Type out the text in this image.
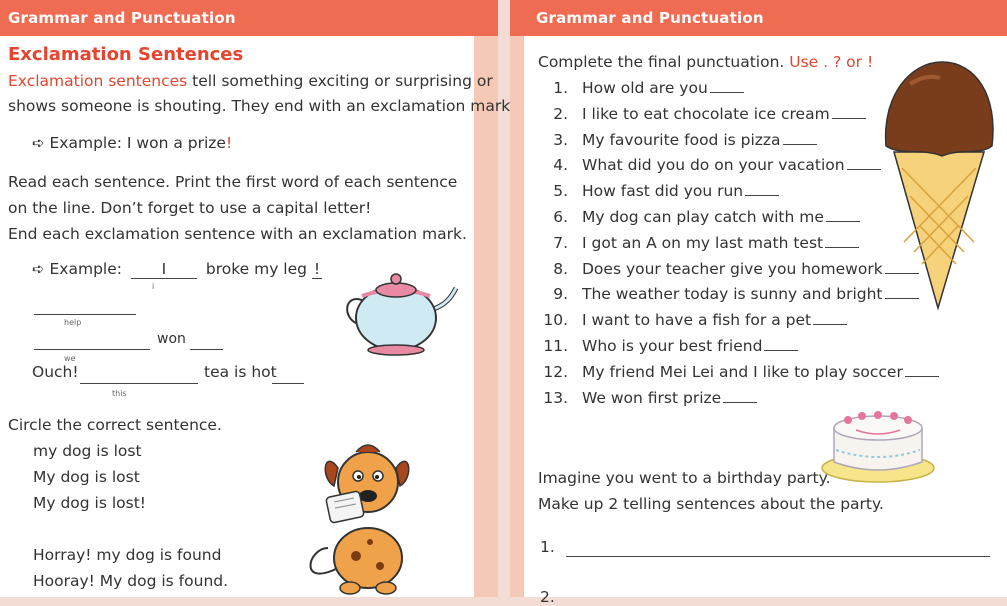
Grammar and Punctuation
Exclamation Sentences
Exclamation sentences tell something exciting or surprising or
shows someone is shouting. They end with an exclamation mark
➪ Example: I won a prize!
Read each sentence. Print the first word of each sentence
on the line. Don’t forget to use a capital letter!
End each exclamation sentence with an exclamation mark.
➪ Example:	I	broke my leg !
i
help
won
we
Ouch!	tea is hot
this
Circle the correct sentence.
my dog is lost
My dog is lost
My dog is lost!
Horray! my dog is found
Hooray! My dog is found.
Grammar and Punctuation
Complete the final punctuation. Use . ? or !
1. How old are you
2. I like to eat chocolate ice cream
3. My favourite food is pizza
4. What did you do on your vacation
5. How fast did you run
6. My dog can play catch with me
7. I got an A on my last math test
8. Does your teacher give you homework
9. The weather today is sunny and bright
10. I want to have a fish for a pet
11. Who is your best friend
12. My friend Mei Lei and I like to play soccer
13. We won first prize
Imagine you went to a birthday party.
Make up 2 telling sentences about the party.
1.
2.
